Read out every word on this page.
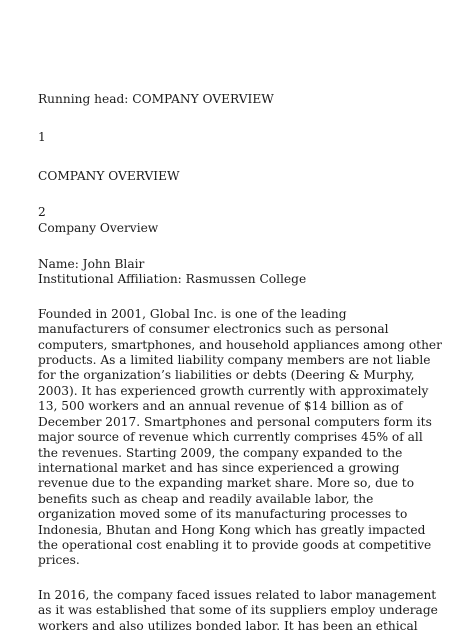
Running head: COMPANY OVERVIEW
1
COMPANY OVERVIEW
2
Company Overview
Name: John Blair
Institutional Affiliation: Rasmussen College
Founded in 2001, Global Inc. is one of the leading
manufacturers of consumer electronics such as personal
computers, smartphones, and household appliances among other
products. As a limited liability company members are not liable
for the organization’s liabilities or debts (Deering & Murphy,
2003). It has experienced growth currently with approximately
13, 500 workers and an annual revenue of $14 billion as of
December 2017. Smartphones and personal computers form its
major source of revenue which currently comprises 45% of all
the revenues. Starting 2009, the company expanded to the
international market and has since experienced a growing
revenue due to the expanding market share. More so, due to
benefits such as cheap and readily available labor, the
organization moved some of its manufacturing processes to
Indonesia, Bhutan and Hong Kong which has greatly impacted
the operational cost enabling it to provide goods at competitive
prices.
In 2016, the company faced issues related to labor management
as it was established that some of its suppliers employ underage
workers and also utilizes bonded labor. It has been an ethical
